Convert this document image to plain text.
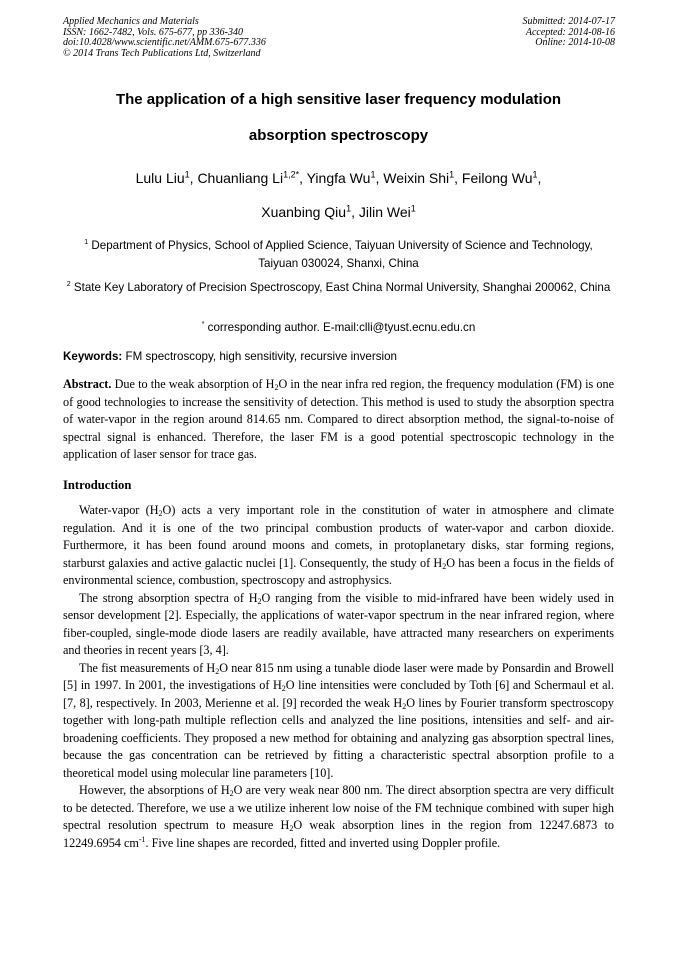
Applied Mechanics and Materials
ISSN: 1662-7482, Vols. 675-677, pp 336-340
doi:10.4028/www.scientific.net/AMM.675-677.336
© 2014 Trans Tech Publications Ltd, Switzerland
Submitted: 2014-07-17
Accepted: 2014-08-16
Online: 2014-10-08
The application of a high sensitive laser frequency modulation
absorption spectroscopy
Lulu Liu$^1$, Chuanliang $Li^{1,2*}$, Yingfa Wu$^1$, Weixin Shi$^1$, Feilong Wu$^1$,
Xuanbing Qiu$^1$, Jilin Wei$^1$
$^1$ Department of Physics, School of Applied Science, Taiyuan University of Science and Technology, Taiyuan 030024, Shanxi, China
$^2$ State Key Laboratory of Precision Spectroscopy, East China Normal University, Shanghai 200062, China
* corresponding author. E-mail:clli@tyust.ecnu.edu.cn
Keywords: FM spectroscopy, high sensitivity, recursive inversion
Abstract. Due to the weak absorption of $H_2O$ in the near infra red region, the frequency modulation (FM) is one of good technologies to increase the sensitivity of detection. This method is used to study the absorption spectra of water-vapor in the region around 814.65 nm. Compared to direct absorption method, the signal-to-noise of spectral signal is enhanced. Therefore, the laser FM is a good potential spectroscopic technology in the application of laser sensor for trace gas.
Introduction

Water-vapor $(H_2O)$ acts a very important role in the constitution of water in atmosphere and climate regulation. And it is one of the two principal combustion products of water-vapor and carbon dioxide. Furthermore, it has been found around moons and comets, in protoplanetary disks, star forming regions, starburst galaxies and active galactic nuclei [1]. Consequently, the study of $H_2O$ has been a focus in the fields of environmental science, combustion, spectroscopy and astrophysics.

The strong absorption spectra of $H_2O$ ranging from the visible to mid-infrared have been widely used in sensor development [2]. Especially, the applications of water-vapor spectrum in the near infrared region, where fiber-coupled, single-mode diode lasers are readily available, have attracted many researchers on experiments and theories in recent years [3, 4].

The fist measurements of $H_2O$ near 815 nm using a tunable diode laser were made by Ponsardin and Browell [5] in 1997. In 2001, the investigations of $H_2O$ line intensities were concluded by Toth [6] and Schermaul et al. [7, 8], respectively. In 2003, Merienne et al. [9] recorded the weak $H_2O$ lines by Fourier transform spectroscopy together with long-path multiple reflection cells and analyzed the line positions, intensities and self- and air-broadening coefficients. They proposed a new method for obtaining and analyzing gas absorption spectral lines, because the gas concentration can be retrieved by fitting a characteristic spectral absorption profile to a theoretical model using molecular line parameters [10].

However, the absorptions of $H_2O$ are very weak near 800 nm. The direct absorption spectra are very difficult to be detected. Therefore, we use a we utilize inherent low noise of the FM technique combined with super high spectral resolution spectrum to measure $H_2O$ weak absorption lines in the region from 12247.6873 to 12249.6954 $cm^{-1}$. Five line shapes are recorded, fitted and inverted using Doppler profile.
